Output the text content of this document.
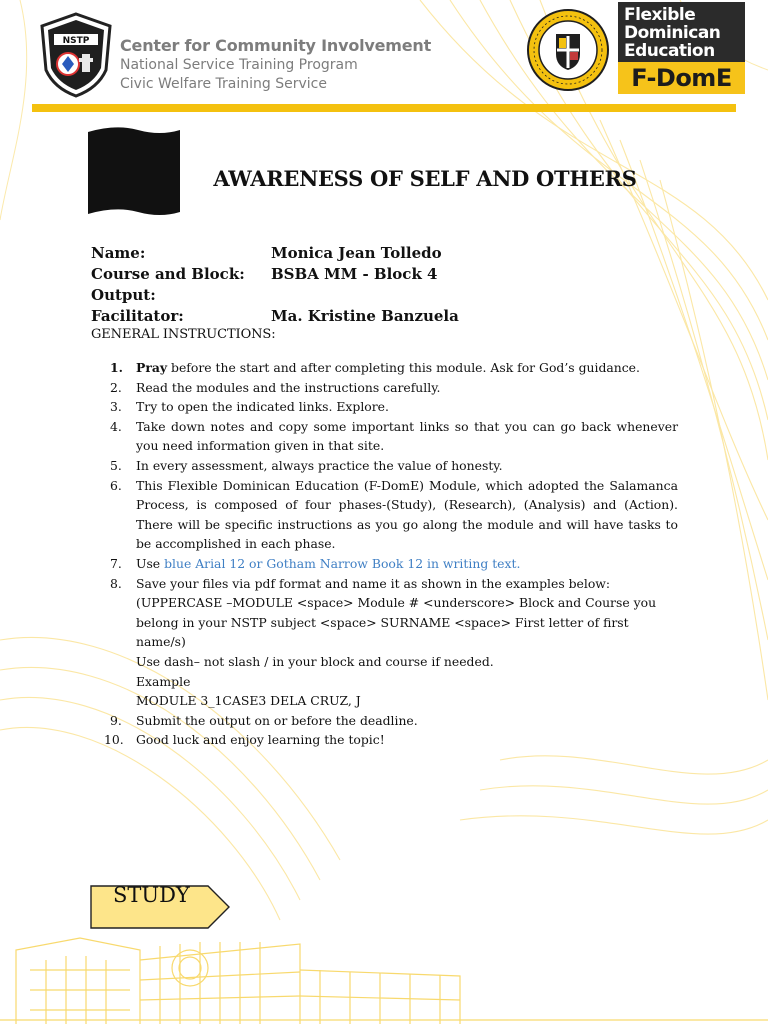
NSTP Center for Community Involvement
National Service Training Program
Civic Welfare Training Service
Flexible
Dominican
Education
F-DomE
AWARENESS OF SELF AND OTHERS
Name:	Monica Jean Tolledo
Course and Block: BSBA MM - Block 4
Output:
Facilitator:	Ma. Kristine Banzuela
GENERAL INSTRUCTIONS:
1.	Pray before the start and after completing this module. Ask for God’s guidance.
2.	Read the modules and the instructions carefully.
3.	Try to open the indicated links. Explore.
4.	Take down notes and copy some important links so that you can go back whenever you need information given in that site.
5.	In every assessment, always practice the value of honesty.
6.	This Flexible Dominican Education (F-DomE) Module, which adopted the Salamanca Process, is composed of four phases-(Study), (Research), (Analysis) and (Action). There will be specific instructions as you go along the module and will have tasks to be accomplished in each phase.
7.	Use blue Arial 12 or Gotham Narrow Book 12 in writing text.
8.	Save your files via pdf format and name it as shown in the examples below:
(UPPERCASE –MODULE <space> Module # <underscore> Block and Course you belong in your NSTP subject <space> SURNAME <space> First letter of first name/s)
Use dash– not slash / in your block and course if needed.
Example
MODULE 3_1CASE3 DELA CRUZ, J
9.	Submit the output on or before the deadline.
10. Good luck and enjoy learning the topic!
STUDY
